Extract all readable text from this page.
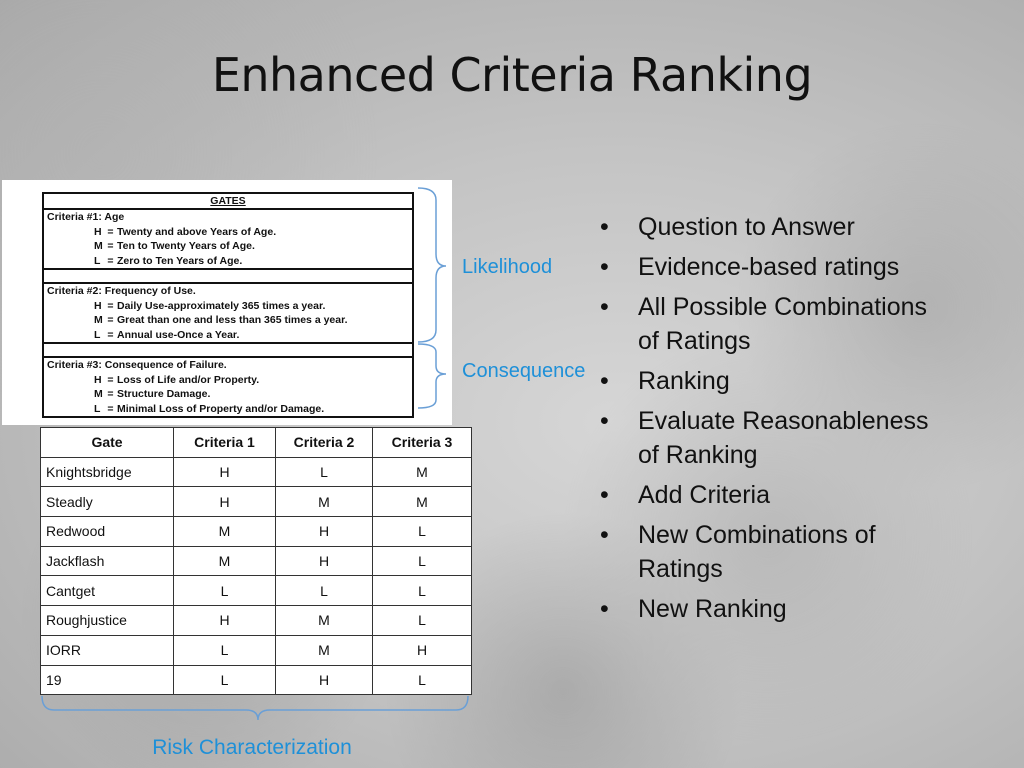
Enhanced Criteria Ranking
GATES
Criteria #1: Age
H = Twenty and above Years of Age.
M = Ten to Twenty Years of Age.
L = Zero to Ten Years of Age.
Criteria #2: Frequency of Use.
H = Daily Use-approximately 365 times a year.
M = Great than one and less than 365 times a year.
L = Annual use-Once a Year.
Criteria #3: Consequence of Failure.
H = Loss of Life and/or Property.
M = Structure Damage.
L = Minimal Loss of Property and/or Damage.
Likelihood
Consequence
Gate	Criteria 1	Criteria 2	Criteria 3
Knightsbridge	H	L	M
Steadly	H	M	M
Redwood	M	H	L
Jackflash	M	H	L
Cantget	L	L	L
Roughjustice	H	M	L
IORR	L	M	H
19	L	H	L
Risk Characterization
• Question to Answer
• Evidence-based ratings
• All Possible Combinations of Ratings
• Ranking
• Evaluate Reasonableness of Ranking
• Add Criteria
• New Combinations of Ratings
• New Ranking
